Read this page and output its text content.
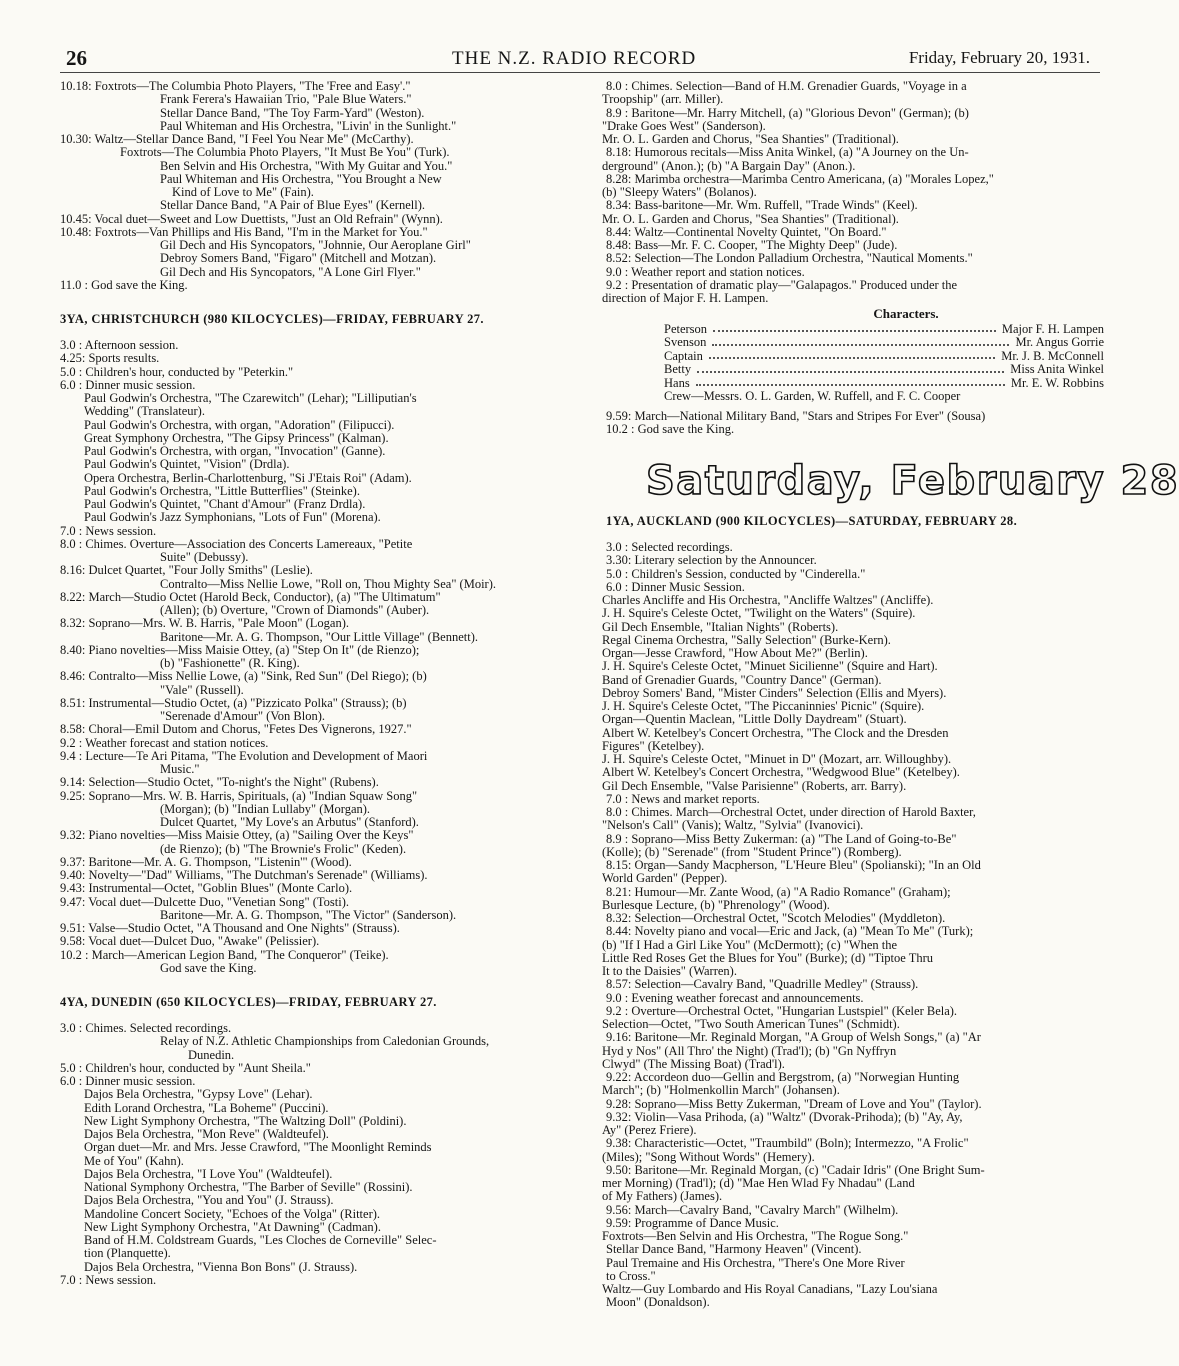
26	THE N.Z. RADIO RECORD	Friday, February 20, 1931.

10.18: Foxtrots—The Columbia Photo Players, "The 'Free and Easy'."

Frank Ferera's Hawaiian Trio, "Pale Blue Waters."

Stellar Dance Band, "The Toy Farm-Yard" (Weston).

Paul Whiteman and His Orchestra, "Livin' in the Sunlight."

10.30: Waltz—Stellar Dance Band, "I Feel You Near Me" (McCarthy).

Foxtrots—The Columbia Photo Players, "It Must Be You" (Turk).

Ben Selvin and His Orchestra, "With My Guitar and You."

Paul Whiteman and His Orchestra, "You Brought a New

Kind of Love to Me" (Fain).

Stellar Dance Band, "A Pair of Blue Eyes" (Kernell).

10.45: Vocal duet—Sweet and Low Duettists, "Just an Old Refrain" (Wynn).

10.48: Foxtrots—Van Phillips and His Band, "I'm in the Market for You."

Gil Dech and His Syncopators, "Johnnie, Our Aeroplane Girl"

Debroy Somers Band, "Figaro" (Mitchell and Motzan).

Gil Dech and His Syncopators, "A Lone Girl Flyer."

11.0 : God save the King.

3YA, CHRISTCHURCH (980 KILOCYCLES)—FRIDAY, FEBRUARY 27.

3.0 : Afternoon session.

4.25: Sports results.

5.0 : Children's hour, conducted by "Peterkin."

6.0 : Dinner music session.

Paul Godwin's Orchestra, "The Czarewitch" (Lehar); "Lilliputian's

Wedding" (Translateur).

Paul Godwin's Orchestra, with organ, "Adoration" (Filipucci).

Great Symphony Orchestra, "The Gipsy Princess" (Kalman).

Paul Godwin's Orchestra, with organ, "Invocation" (Ganne).

Paul Godwin's Quintet, "Vision" (Drdla).

Opera Orchestra, Berlin-Charlottenburg, "Si J'Etais Roi" (Adam).

Paul Godwin's Orchestra, "Little Butterflies" (Steinke).

Paul Godwin's Quintet, "Chant d'Amour" (Franz Drdla).

Paul Godwin's Jazz Symphonians, "Lots of Fun" (Morena).

7.0 : News session.

8.0 : Chimes. Overture—Association des Concerts Lamereaux, "Petite

Suite" (Debussy).

8.16: Dulcet Quartet, "Four Jolly Smiths" (Leslie).

Contralto—Miss Nellie Lowe, "Roll on, Thou Mighty Sea" (Moir).

8.22: March—Studio Octet (Harold Beck, Conductor), (a) "The Ultimatum"

(Allen); (b) Overture, "Crown of Diamonds" (Auber).

8.32: Soprano—Mrs. W. B. Harris, "Pale Moon" (Logan).

Baritone—Mr. A. G. Thompson, "Our Little Village" (Bennett).

8.40: Piano novelties—Miss Maisie Ottey, (a) "Step On It" (de Rienzo);

(b) "Fashionette" (R. King).

8.46: Contralto—Miss Nellie Lowe, (a) "Sink, Red Sun" (Del Riego); (b)

"Vale" (Russell).

8.51: Instrumental—Studio Octet, (a) "Pizzicato Polka" (Strauss); (b)

"Serenade d'Amour" (Von Blon).

8.58: Choral—Emil Dutom and Chorus, "Fetes Des Vignerons, 1927."

9.2 : Weather forecast and station notices.

9.4 : Lecture—Te Ari Pitama, "The Evolution and Development of Maori

Music."

9.14: Selection—Studio Octet, "To-night's the Night" (Rubens).

9.25: Soprano—Mrs. W. B. Harris, Spirituals, (a) "Indian Squaw Song"

(Morgan); (b) "Indian Lullaby" (Morgan).

Dulcet Quartet, "My Love's an Arbutus" (Stanford).

9.32: Piano novelties—Miss Maisie Ottey, (a) "Sailing Over the Keys"

(de Rienzo); (b) "The Brownie's Frolic" (Keden).

9.37: Baritone—Mr. A. G. Thompson, "Listenin'" (Wood).

9.40: Novelty—"Dad" Williams, "The Dutchman's Serenade" (Williams).

9.43: Instrumental—Octet, "Goblin Blues" (Monte Carlo).

9.47: Vocal duet—Dulcette Duo, "Venetian Song" (Tosti).

Baritone—Mr. A. G. Thompson, "The Victor" (Sanderson).

9.51: Valse—Studio Octet, "A Thousand and One Nights" (Strauss).

9.58: Vocal duet—Dulcet Duo, "Awake" (Pelissier).

10.2 : March—American Legion Band, "The Conqueror" (Teike).

God save the King.

4YA, DUNEDIN (650 KILOCYCLES)—FRIDAY, FEBRUARY 27.

3.0 : Chimes. Selected recordings.

Relay of N.Z. Athletic Championships from Caledonian Grounds,

Dunedin.

5.0 : Children's hour, conducted by "Aunt Sheila."

6.0 : Dinner music session.

Dajos Bela Orchestra, "Gypsy Love" (Lehar).

Edith Lorand Orchestra, "La Boheme" (Puccini).

New Light Symphony Orchestra, "The Waltzing Doll" (Poldini).

Dajos Bela Orchestra, "Mon Reve" (Waldteufel).

Organ duet—Mr. and Mrs. Jesse Crawford, "The Moonlight Reminds

Me of You" (Kahn).

Dajos Bela Orchestra, "I Love You" (Waldteufel).

National Symphony Orchestra, "The Barber of Seville" (Rossini).

Dajos Bela Orchestra, "You and You" (J. Strauss).

Mandoline Concert Society, "Echoes of the Volga" (Ritter).

New Light Symphony Orchestra, "At Dawning" (Cadman).

Band of H.M. Coldstream Guards, "Les Cloches de Corneville" Selec-

tion (Planquette).

Dajos Bela Orchestra, "Vienna Bon Bons" (J. Strauss).

7.0 : News session.

8.0 : Chimes. Selection—Band of H.M. Grenadier Guards, "Voyage in a

Troopship" (arr. Miller).

8.9 : Baritone—Mr. Harry Mitchell, (a) "Glorious Devon" (German); (b)

"Drake Goes West" (Sanderson).

Mr. O. L. Garden and Chorus, "Sea Shanties" (Traditional).

8.18: Humorous recitals—Miss Anita Winkel, (a) "A Journey on the Un-

derground" (Anon.); (b) "A Bargain Day" (Anon.).

8.28: Marimba orchestra—Marimba Centro Americana, (a) "Morales Lopez,"

(b) "Sleepy Waters" (Bolanos).

8.34: Bass-baritone—Mr. Wm. Ruffell, "Trade Winds" (Keel).

Mr. O. L. Garden and Chorus, "Sea Shanties" (Traditional).

8.44: Waltz—Continental Novelty Quintet, "On Board."

8.48: Bass—Mr. F. C. Cooper, "The Mighty Deep" (Jude).

8.52: Selection—The London Palladium Orchestra, "Nautical Moments."

9.0 : Weather report and station notices.

9.2 : Presentation of dramatic play—"Galapagos." Produced under the

direction of Major F. H. Lampen.

Characters.

Peterson	Major F. H. Lampen
Svenson	Mr. Angus Gorrie
Captain	Mr. J. B. McConnell
Betty	Miss Anita Winkel
Hans	Mr. E. W. Robbins
Crew—Messrs. O. L. Garden, W. Ruffell, and F. C. Cooper

9.59: March—National Military Band, "Stars and Stripes For Ever" (Sousa)

10.2 : God save the King.

Saturday, February 28
1YA, AUCKLAND (900 KILOCYCLES)—SATURDAY, FEBRUARY 28.

3.0 : Selected recordings.

3.30: Literary selection by the Announcer.

5.0 : Children's Session, conducted by "Cinderella."

6.0 : Dinner Music Session.

Charles Ancliffe and His Orchestra, "Ancliffe Waltzes" (Ancliffe).

J. H. Squire's Celeste Octet, "Twilight on the Waters" (Squire).

Gil Dech Ensemble, "Italian Nights" (Roberts).

Regal Cinema Orchestra, "Sally Selection" (Burke-Kern).

Organ—Jesse Crawford, "How About Me?" (Berlin).

J. H. Squire's Celeste Octet, "Minuet Sicilienne" (Squire and Hart).

Band of Grenadier Guards, "Country Dance" (German).

Debroy Somers' Band, "Mister Cinders" Selection (Ellis and Myers).

J. H. Squire's Celeste Octet, "The Piccaninnies' Picnic" (Squire).

Organ—Quentin Maclean, "Little Dolly Daydream" (Stuart).

Albert W. Ketelbey's Concert Orchestra, "The Clock and the Dresden

Figures" (Ketelbey).

J. H. Squire's Celeste Octet, "Minuet in D" (Mozart, arr. Willoughby).

Albert W. Ketelbey's Concert Orchestra, "Wedgwood Blue" (Ketelbey).

Gil Dech Ensemble, "Valse Parisienne" (Roberts, arr. Barry).

7.0 : News and market reports.

8.0 : Chimes. March—Orchestral Octet, under direction of Harold Baxter,

"Nelson's Call" (Vanis); Waltz, "Sylvia" (Ivanovici).

8.9 : Soprano—Miss Betty Zukerman: (a) "The Land of Going-to-Be"

(Kolle); (b) "Serenade" (from "Student Prince") (Romberg).

8.15: Organ—Sandy Macpherson, "L'Heure Bleu" (Spolianski); "In an Old

World Garden" (Pepper).

8.21: Humour—Mr. Zante Wood, (a) "A Radio Romance" (Graham);

Burlesque Lecture, (b) "Phrenology" (Wood).

8.32: Selection—Orchestral Octet, "Scotch Melodies" (Myddleton).

8.44: Novelty piano and vocal—Eric and Jack, (a) "Mean To Me" (Turk);

(b) "If I Had a Girl Like You" (McDermott); (c) "When the

Little Red Roses Get the Blues for You" (Burke); (d) "Tiptoe Thru

It to the Daisies" (Warren).

8.57: Selection—Cavalry Band, "Quadrille Medley" (Strauss).

9.0 : Evening weather forecast and announcements.

9.2 : Overture—Orchestral Octet, "Hungarian Lustspiel" (Keler Bela).

Selection—Octet, "Two South American Tunes" (Schmidt).

9.16: Baritone—Mr. Reginald Morgan, "A Group of Welsh Songs," (a) "Ar

Hyd y Nos" (All Thro' the Night) (Trad'l); (b) "Gn Nyffryn

Clwyd" (The Missing Boat) (Trad'l).

9.22: Accordeon duo—Gellin and Bergstrom, (a) "Norwegian Hunting

March"; (b) "Holmenkollin March" (Johansen).

9.28: Soprano—Miss Betty Zukerman, "Dream of Love and You" (Taylor).

9.32: Violin—Vasa Prihoda, (a) "Waltz" (Dvorak-Prihoda); (b) "Ay, Ay,

Ay" (Perez Friere).

9.38: Characteristic—Octet, "Traumbild" (Boln); Intermezzo, "A Frolic"

(Miles); "Song Without Words" (Hemery).

9.50: Baritone—Mr. Reginald Morgan, (c) "Cadair Idris" (One Bright Sum-

mer Morning) (Trad'l); (d) "Mae Hen Wlad Fy Nhadau" (Land

of My Fathers) (James).

9.56: March—Cavalry Band, "Cavalry March" (Wilhelm).

9.59: Programme of Dance Music.

Foxtrots—Ben Selvin and His Orchestra, "The Rogue Song."

Stellar Dance Band, "Harmony Heaven" (Vincent).

Paul Tremaine and His Orchestra, "There's One More River

to Cross."

Waltz—Guy Lombardo and His Royal Canadians, "Lazy Lou'siana

Moon" (Donaldson).
